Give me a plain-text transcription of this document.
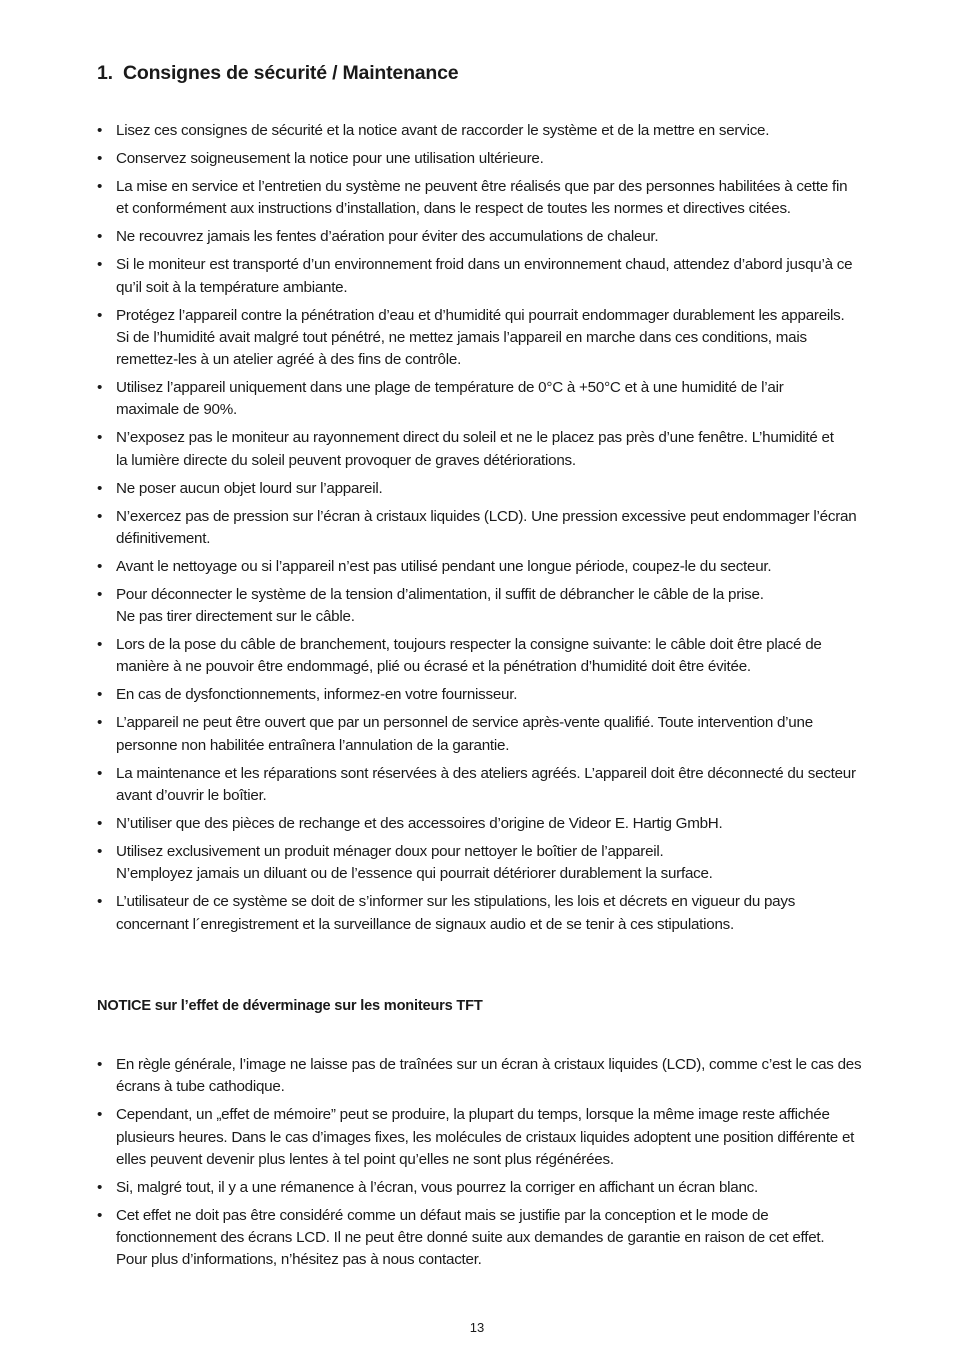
1. Consignes de sécurité / Maintenance
• Lisez ces consignes de sécurité et la notice avant de raccorder le système et de la mettre en service.
• Conservez soigneusement la notice pour une utilisation ultérieure.
• La mise en service et l’entretien du système ne peuvent être réalisés que par des personnes habilitées à cette fin
et conformément aux instructions d’installation, dans le respect de toutes les normes et directives citées.
• Ne recouvrez jamais les fentes d’aération pour éviter des accumulations de chaleur.
• Si le moniteur est transporté d’un environnement froid dans un environnement chaud, attendez d’abord jusqu’à ce
qu’il soit à la température ambiante.
• Protégez l’appareil contre la pénétration d’eau et d’humidité qui pourrait endommager durablement les appareils.
Si de l’humidité avait malgré tout pénétré, ne mettez jamais l’appareil en marche dans ces conditions, mais
remettez-les à un atelier agréé à des fins de contrôle.
• Utilisez l’appareil uniquement dans une plage de température de 0°C à +50°C et à une humidité de l’air
maximale de 90%.
• N’exposez pas le moniteur au rayonnement direct du soleil et ne le placez pas près d’une fenêtre. L’humidité et
la lumière directe du soleil peuvent provoquer de graves détériorations.
• Ne poser aucun objet lourd sur l’appareil.
• N’exercez pas de pression sur l’écran à cristaux liquides (LCD). Une pression excessive peut endommager l’écran
définitivement.
• Avant le nettoyage ou si l’appareil n’est pas utilisé pendant une longue période, coupez-le du secteur.
• Pour déconnecter le système de la tension d’alimentation, il suffit de débrancher le câble de la prise.
Ne pas tirer directement sur le câble.
• Lors de la pose du câble de branchement, toujours respecter la consigne suivante: le câble doit être placé de
manière à ne pouvoir être endommagé, plié ou écrasé et la pénétration d’humidité doit être évitée.
• En cas de dysfonctionnements, informez-en votre fournisseur.
• L’appareil ne peut être ouvert que par un personnel de service après-vente qualifié. Toute intervention d’une
personne non habilitée entraînera l’annulation de la garantie.
• La maintenance et les réparations sont réservées à des ateliers agréés. L’appareil doit être déconnecté du secteur
avant d’ouvrir le boîtier.
• N’utiliser que des pièces de rechange et des accessoires d’origine de Videor E. Hartig GmbH.
• Utilisez exclusivement un produit ménager doux pour nettoyer le boîtier de l’appareil.
N’employez jamais un diluant ou de l’essence qui pourrait détériorer durablement la surface.
• L’utilisateur de ce système se doit de s’informer sur les stipulations, les lois et décrets en vigueur du pays
concernant l´enregistrement et la surveillance de signaux audio et de se tenir à ces stipulations.
NOTICE sur l’effet de déverminage sur les moniteurs TFT
• En règle générale, l’image ne laisse pas de traînées sur un écran à cristaux liquides (LCD), comme c’est le cas des
écrans à tube cathodique.
• Cependant, un „effet de mémoire” peut se produire, la plupart du temps, lorsque la même image reste affichée
plusieurs heures. Dans le cas d’images fixes, les molécules de cristaux liquides adoptent une position différente et
elles peuvent devenir plus lentes à tel point qu’elles ne sont plus régénérées.
• Si, malgré tout, il y a une rémanence à l’écran, vous pourrez la corriger en affichant un écran blanc.
• Cet effet ne doit pas être considéré comme un défaut mais se justifie par la conception et le mode de
fonctionnement des écrans LCD. Il ne peut être donné suite aux demandes de garantie en raison de cet effet.
Pour plus d’informations, n’hésitez pas à nous contacter.
13
